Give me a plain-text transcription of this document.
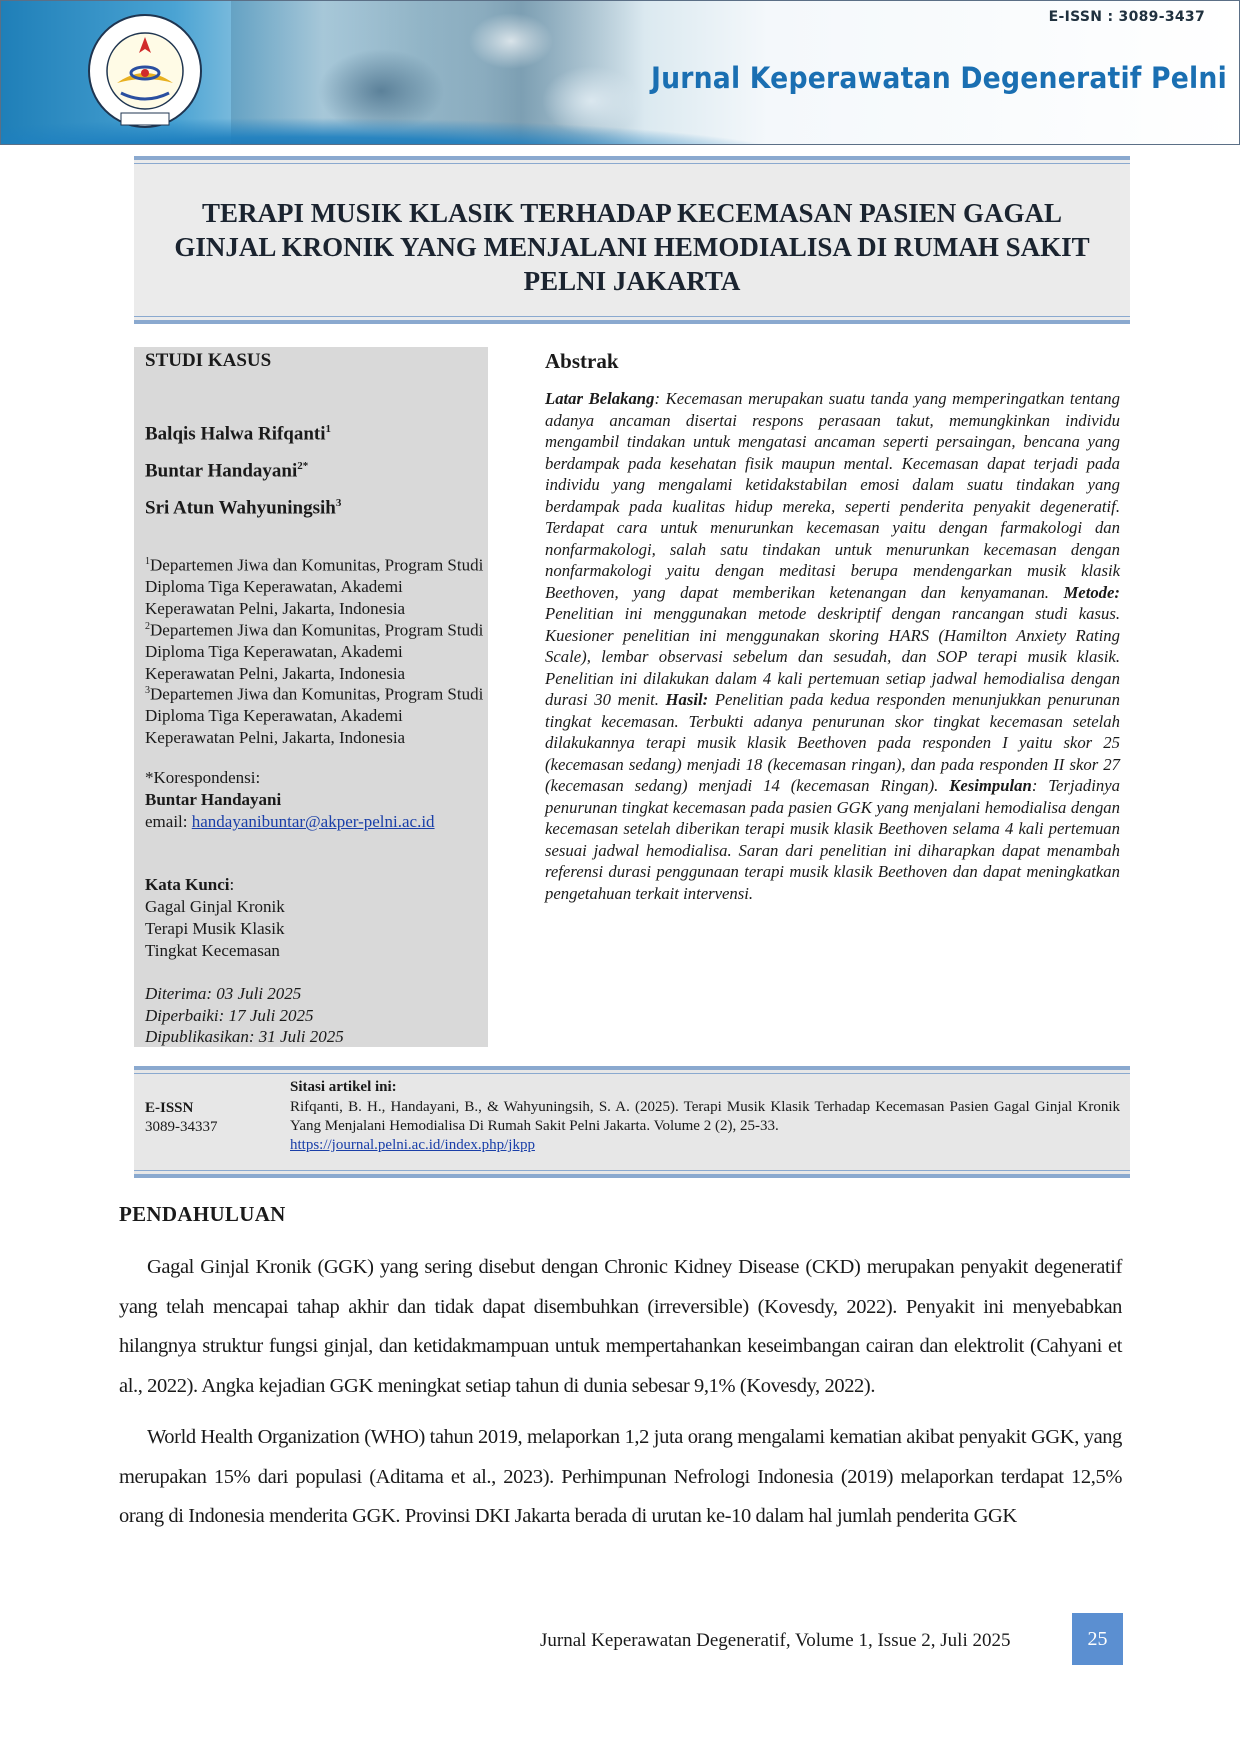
E-ISSN : 3089-3437
Jurnal Keperawatan Degeneratif Pelni
TERAPI MUSIK KLASIK TERHADAP KECEMASAN PASIEN GAGAL GINJAL KRONIK YANG MENJALANI HEMODIALISA DI RUMAH SAKIT PELNI JAKARTA
STUDI KASUS
Balqis Halwa Rifqanti$^1$
Buntar Handayani$^{2*}$
Sri Atun Wahyuningsih$^3$
$^1$Departemen Jiwa dan Komunitas, Program Studi Diploma Tiga Keperawatan, Akademi Keperawatan Pelni, Jakarta, Indonesia
$^2$Departemen Jiwa dan Komunitas, Program Studi Diploma Tiga Keperawatan, Akademi Keperawatan Pelni, Jakarta, Indonesia
$^3$Departemen Jiwa dan Komunitas, Program Studi Diploma Tiga Keperawatan, Akademi Keperawatan Pelni, Jakarta, Indonesia
*Korespondensi:
Buntar Handayani
email: handayanibuntar@akper-pelni.ac.id
Kata Kunci:
Gagal Ginjal Kronik
Terapi Musik Klasik
Tingkat Kecemasan
Diterima: 03 Juli 2025
Diperbaiki: 17 Juli 2025
Dipublikasikan: 31 Juli 2025
Abstrak
Latar Belakang: Kecemasan merupakan suatu tanda yang memperingatkan tentang adanya ancaman disertai respons perasaan takut, memungkinkan individu mengambil tindakan untuk mengatasi ancaman seperti persaingan, bencana yang berdampak pada kesehatan fisik maupun mental. Kecemasan dapat terjadi pada individu yang mengalami ketidakstabilan emosi dalam suatu tindakan yang berdampak pada kualitas hidup mereka, seperti penderita penyakit degeneratif. Terdapat cara untuk menurunkan kecemasan yaitu dengan farmakologi dan nonfarmakologi, salah satu tindakan untuk menurunkan kecemasan dengan nonfarmakologi yaitu dengan meditasi berupa mendengarkan musik klasik Beethoven, yang dapat memberikan ketenangan dan kenyamanan. Metode: Penelitian ini menggunakan metode deskriptif dengan rancangan studi kasus. Kuesioner penelitian ini menggunakan skoring HARS (Hamilton Anxiety Rating Scale), lembar observasi sebelum dan sesudah, dan SOP terapi musik klasik. Penelitian ini dilakukan dalam 4 kali pertemuan setiap jadwal hemodialisa dengan durasi 30 menit. Hasil: Penelitian pada kedua responden menunjukkan penurunan tingkat kecemasan. Terbukti adanya penurunan skor tingkat kecemasan setelah dilakukannya terapi musik klasik Beethoven pada responden I yaitu skor 25 (kecemasan sedang) menjadi 18 (kecemasan ringan), dan pada responden II skor 27 (kecemasan sedang) menjadi 14 (kecemasan Ringan). Kesimpulan: Terjadinya penurunan tingkat kecemasan pada pasien GGK yang menjalani hemodialisa dengan kecemasan setelah diberikan terapi musik klasik Beethoven selama 4 kali pertemuan sesuai jadwal hemodialisa. Saran dari penelitian ini diharapkan dapat menambah referensi durasi penggunaan terapi musik klasik Beethoven dan dapat meningkatkan pengetahuan terkait intervensi.
E-ISSN
3089-34337
Sitasi artikel ini:
Rifqanti, B. H., Handayani, B., & Wahyuningsih, S. A. (2025). Terapi Musik Klasik Terhadap Kecemasan Pasien Gagal Ginjal Kronik Yang Menjalani Hemodialisa Di Rumah Sakit Pelni Jakarta. Volume 2 (2), 25-33.
https://journal.pelni.ac.id/index.php/jkpp
PENDAHULUAN
Gagal Ginjal Kronik (GGK) yang sering disebut dengan Chronic Kidney Disease (CKD) merupakan penyakit degeneratif yang telah mencapai tahap akhir dan tidak dapat disembuhkan (irreversible) (Kovesdy, 2022). Penyakit ini menyebabkan hilangnya struktur fungsi ginjal, dan ketidakmampuan untuk mempertahankan keseimbangan cairan dan elektrolit (Cahyani et al., 2022). Angka kejadian GGK meningkat setiap tahun di dunia sebesar 9,1% (Kovesdy, 2022).
World Health Organization (WHO) tahun 2019, melaporkan 1,2 juta orang mengalami kematian akibat penyakit GGK, yang merupakan 15% dari populasi (Aditama et al., 2023). Perhimpunan Nefrologi Indonesia (2019) melaporkan terdapat 12,5% orang di Indonesia menderita GGK. Provinsi DKI Jakarta berada di urutan ke-10 dalam hal jumlah penderita GGK
Jurnal Keperawatan Degeneratif, Volume 1, Issue 2, Juli 2025	25
